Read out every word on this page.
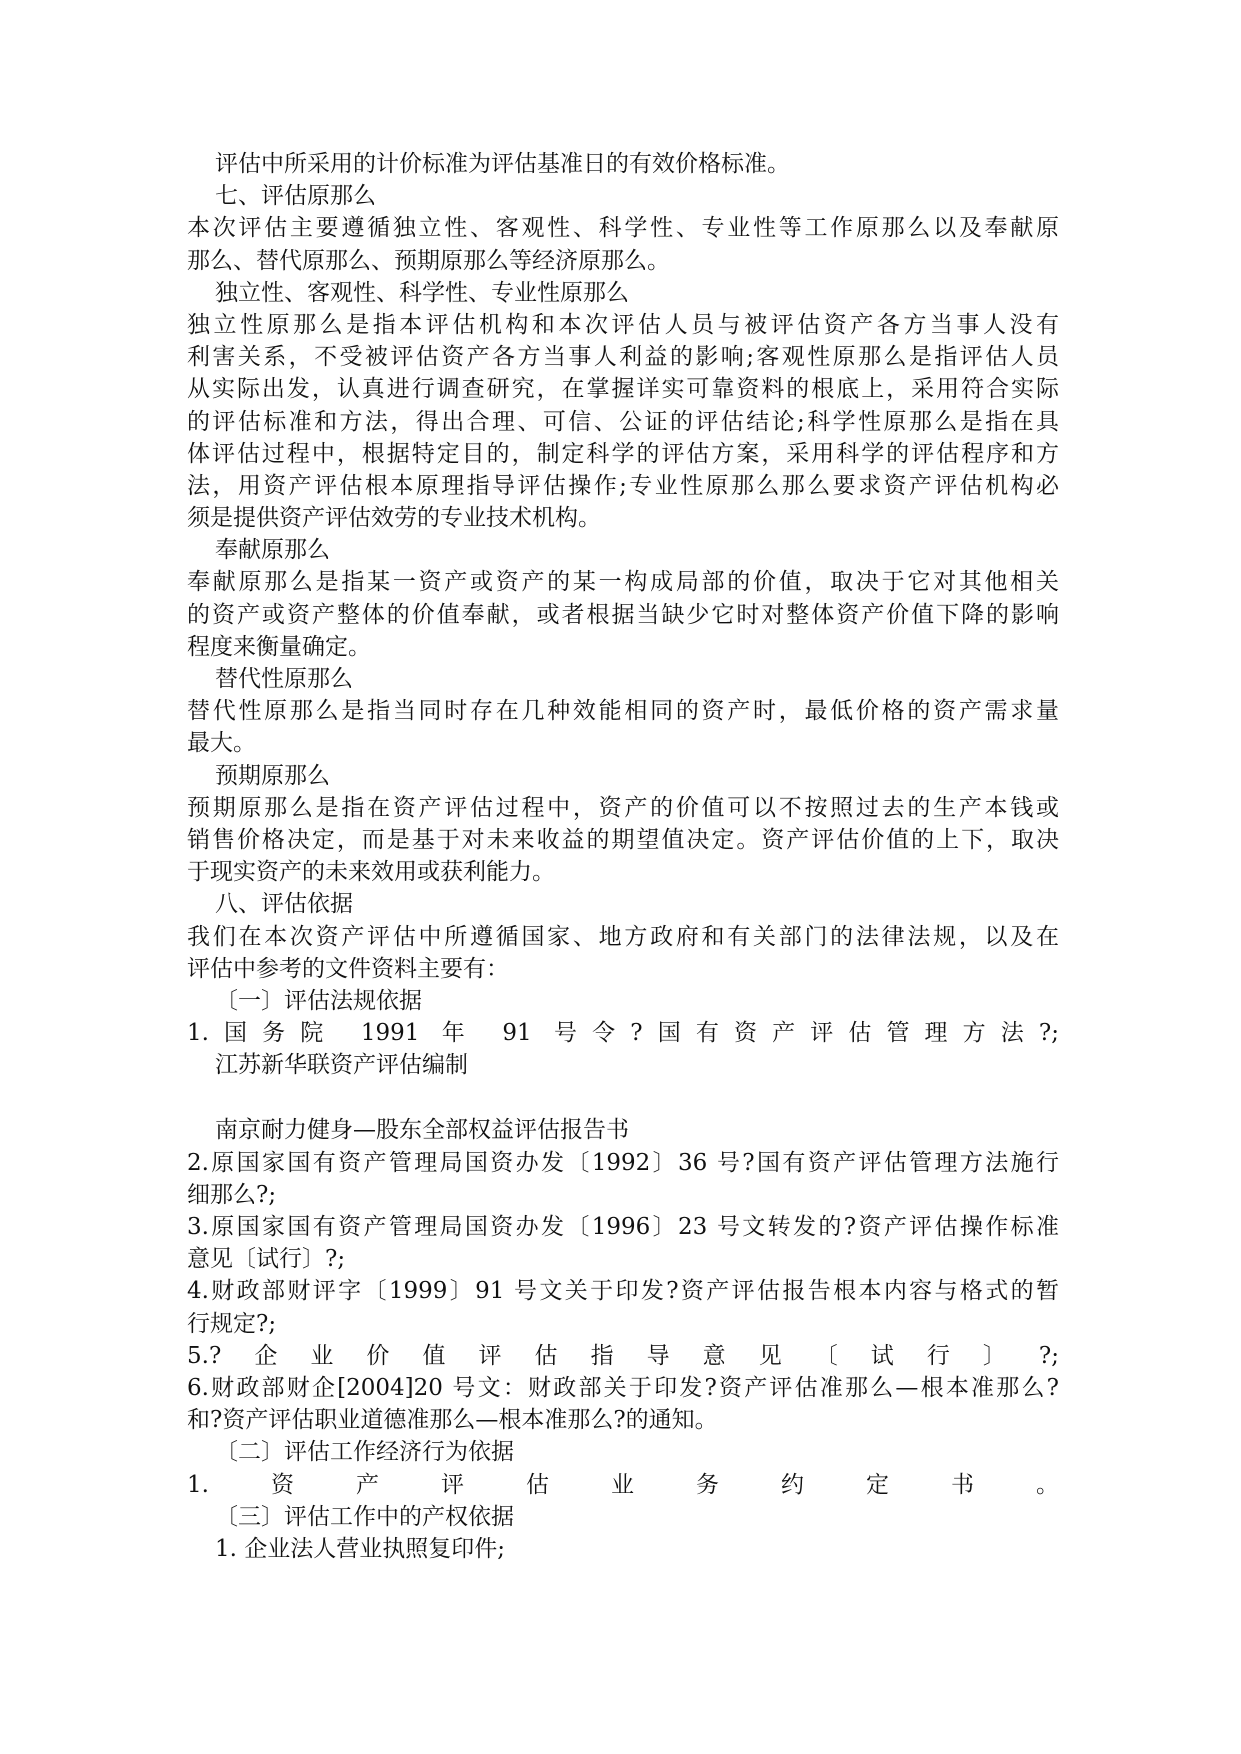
评估中所采用的计价标准为评估基准日的有效价格标准。
七、评估原那么
本次评估主要遵循独立性、客观性、科学性、专业性等工作原那么以及奉献原
那么、替代原那么、预期原那么等经济原那么。
独立性、客观性、科学性、专业性原那么
独立性原那么是指本评估机构和本次评估人员与被评估资产各方当事人没有
利害关系，不受被评估资产各方当事人利益的影响;客观性原那么是指评估人员
从实际出发，认真进行调查研究，在掌握详实可靠资料的根底上，采用符合实际
的评估标准和方法，得出合理、可信、公证的评估结论;科学性原那么是指在具
体评估过程中，根据特定目的，制定科学的评估方案，采用科学的评估程序和方
法，用资产评估根本原理指导评估操作;专业性原那么那么要求资产评估机构必
须是提供资产评估效劳的专业技术机构。
奉献原那么
奉献原那么是指某一资产或资产的某一构成局部的价值，取决于它对其他相关
的资产或资产整体的价值奉献，或者根据当缺少它时对整体资产价值下降的影响
程度来衡量确定。
替代性原那么
替代性原那么是指当同时存在几种效能相同的资产时，最低价格的资产需求量
最大。
预期原那么
预期原那么是指在资产评估过程中，资产的价值可以不按照过去的生产本钱或
销售价格决定，而是基于对未来收益的期望值决定。资产评估价值的上下，取决
于现实资产的未来效用或获利能力。
八、评估依据
我们在本次资产评估中所遵循国家、地方政府和有关部门的法律法规，以及在
评估中参考的文件资料主要有：
〔一〕评估法规依据
1.国务院 1991 年 91 号令?国有资产评估管理方法?;
江苏新华联资产评估编制
南京耐力健身—股东全部权益评估报告书
2.原国家国有资产管理局国资办发〔1992〕36 号?国有资产评估管理方法施行
细那么?;
3.原国家国有资产管理局国资办发〔1996〕23 号文转发的?资产评估操作标准
意见〔试行〕?;
4.财政部财评字〔1999〕91 号文关于印发?资产评估报告根本内容与格式的暂
行规定?;
5.?企业价值评估指导意见〔试行〕?;
6.财政部财企[2004]20 号文：财政部关于印发?资产评估准那么—根本准那么?
和?资产评估职业道德准那么—根本准那么?的通知。
〔二〕评估工作经济行为依据
1.资产评估业务约定书。
〔三〕评估工作中的产权依据
1. 企业法人营业执照复印件;
